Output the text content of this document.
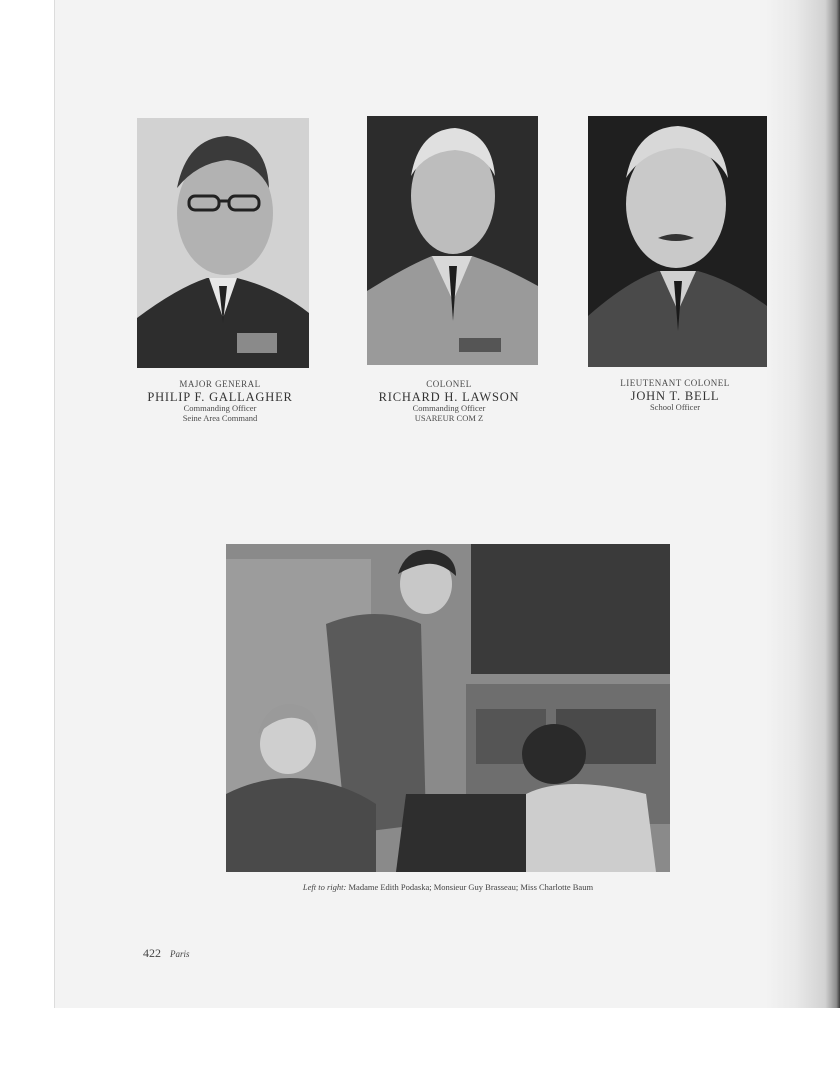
MAJOR GENERAL
PHILIP F. GALLAGHER
Commanding Officer
Seine Area Command
COLONEL
RICHARD H. LAWSON
Commanding Officer
USAREUR COM Z
LIEUTENANT COLONEL
JOHN T. BELL
School Officer
Left to right: Madame Edith Podaska; Monsieur Guy Brasseau; Miss Charlotte Baum
422 Paris
